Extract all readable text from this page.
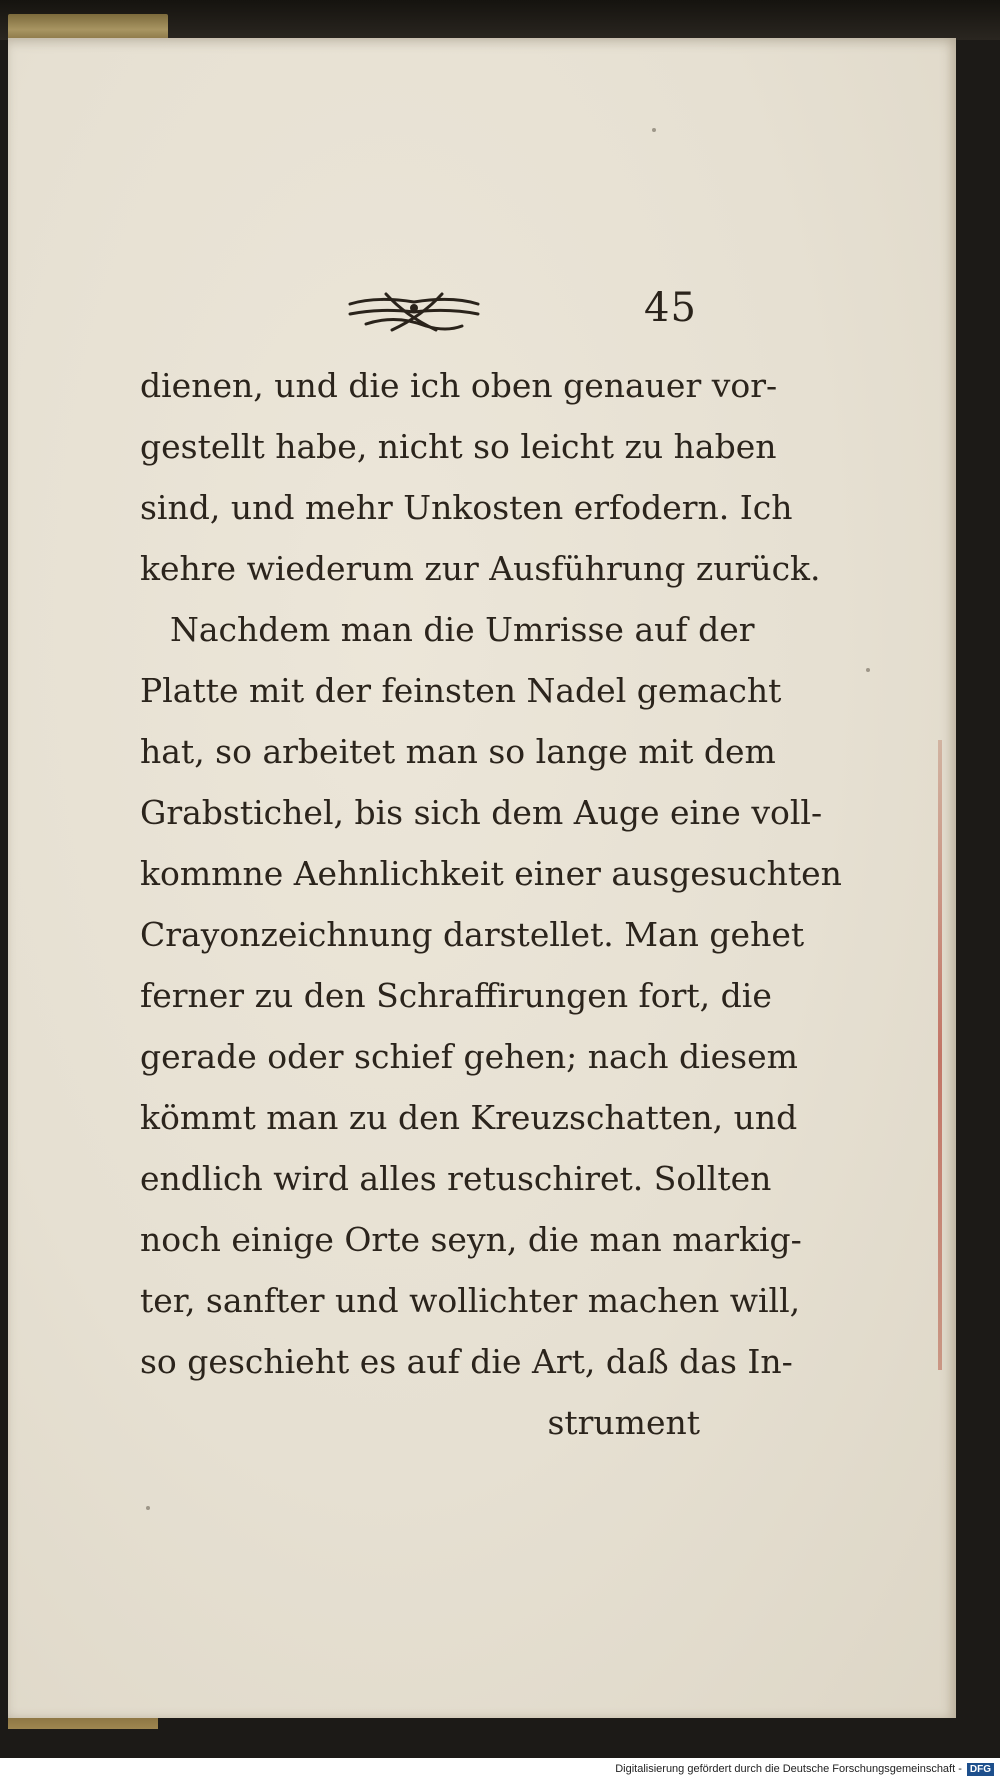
45
dienen, und die ich oben genauer vor-
gestellt habe, nicht so leicht zu haben
sind, und mehr Unkosten erfodern. Ich
kehre wiederum zur Ausführung zurück.
Nachdem man die Umrisse auf der
Platte mit der feinsten Nadel gemacht
hat, so arbeitet man so lange mit dem
Grabstichel, bis sich dem Auge eine voll-
kommne Aehnlichkeit einer ausgesuchten
Crayonzeichnung darstellet. Man gehet
ferner zu den Schraffirungen fort, die
gerade oder schief gehen; nach diesem
kömmt man zu den Kreuzschatten, und
endlich wird alles retuschiret. Sollten
noch einige Orte seyn, die man markig-
ter, sanfter und wollichter machen will,
so geschieht es auf die Art, daß das In-
strument
Digitalisierung gefördert durch die Deutsche Forschungsgemeinschaft - DFG
